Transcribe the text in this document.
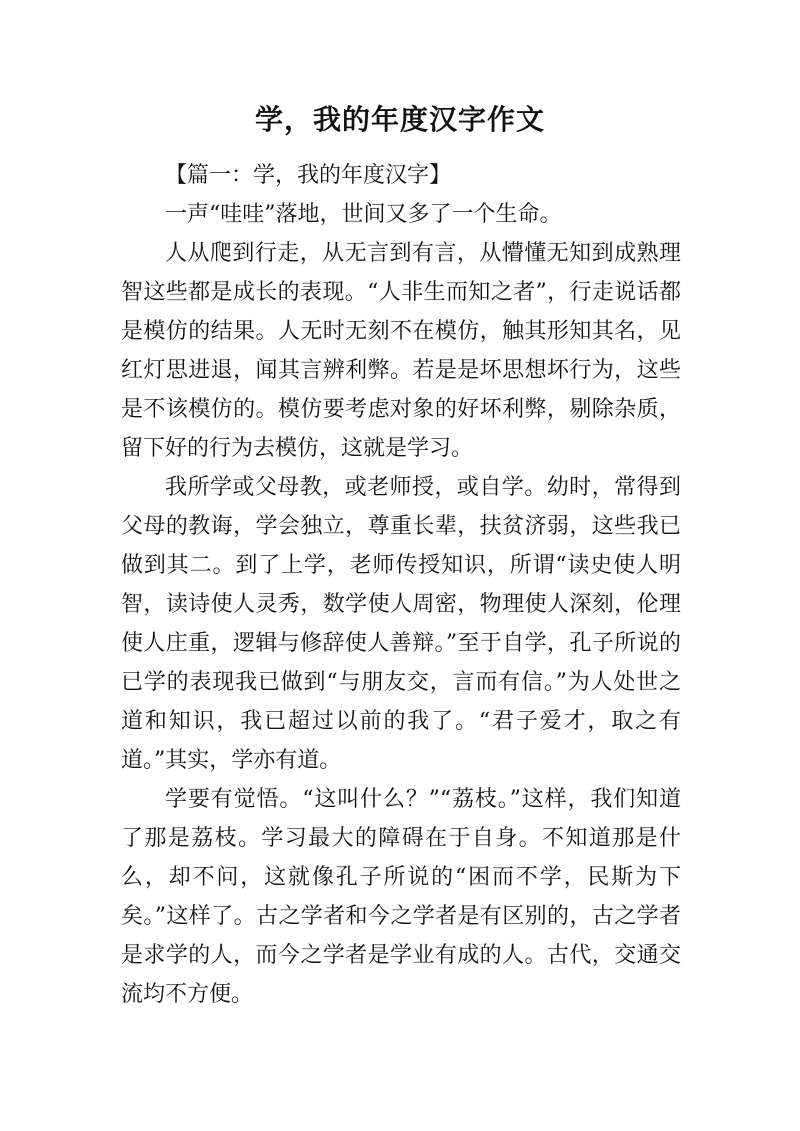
学，我的年度汉字作文

【篇一：学，我的年度汉字】

一声“哇哇”落地，世间又多了一个生命。

人从爬到行走，从无言到有言，从懵懂无知到成熟理智这些都是成长的表现。“人非生而知之者”，行走说话都是模仿的结果。人无时无刻不在模仿，触其形知其名，见红灯思进退，闻其言辨利弊。若是是坏思想坏行为，这些是不该模仿的。模仿要考虑对象的好坏利弊，剔除杂质，留下好的行为去模仿，这就是学习。

我所学或父母教，或老师授，或自学。幼时，常得到父母的教诲，学会独立，尊重长辈，扶贫济弱，这些我已做到其二。到了上学，老师传授知识，所谓“读史使人明智，读诗使人灵秀，数学使人周密，物理使人深刻，伦理使人庄重，逻辑与修辞使人善辩。”至于自学，孔子所说的已学的表现我已做到“与朋友交，言而有信。”为人处世之道和知识，我已超过以前的我了。“君子爱才，取之有道。”其实，学亦有道。

学要有觉悟。“这叫什么？”“荔枝。”这样，我们知道了那是荔枝。学习最大的障碍在于自身。不知道那是什么，却不问，这就像孔子所说的“困而不学，民斯为下矣。”这样了。古之学者和今之学者是有区别的，古之学者是求学的人，而今之学者是学业有成的人。古代，交通交流均不方便。
